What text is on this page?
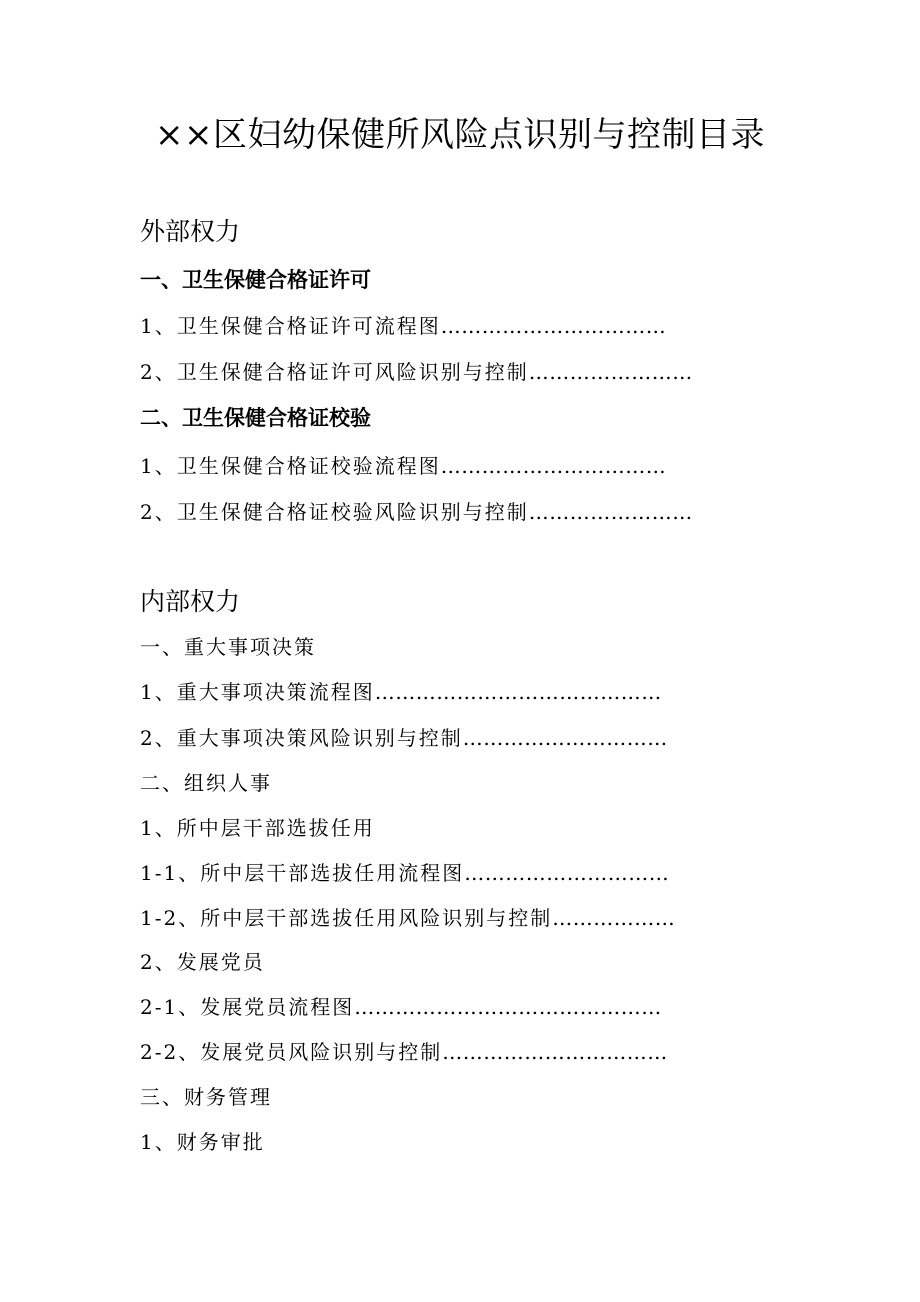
××区妇幼保健所风险点识别与控制目录
外部权力
一、卫生保健合格证许可
1、卫生保健合格证许可流程图……………………………
2、卫生保健合格证许可风险识别与控制……………………
二、卫生保健合格证校验
1、卫生保健合格证校验流程图……………………………
2、卫生保健合格证校验风险识别与控制……………………
内部权力
一、重大事项决策
1、重大事项决策流程图……………………………………
2、重大事项决策风险识别与控制…………………………
二、组织人事
1、所中层干部选拔任用
1-1、所中层干部选拔任用流程图…………………………
1-2、所中层干部选拔任用风险识别与控制………………
2、发展党员
2-1、发展党员流程图………………………………………
2-2、发展党员风险识别与控制……………………………
三、财务管理
1、财务审批
